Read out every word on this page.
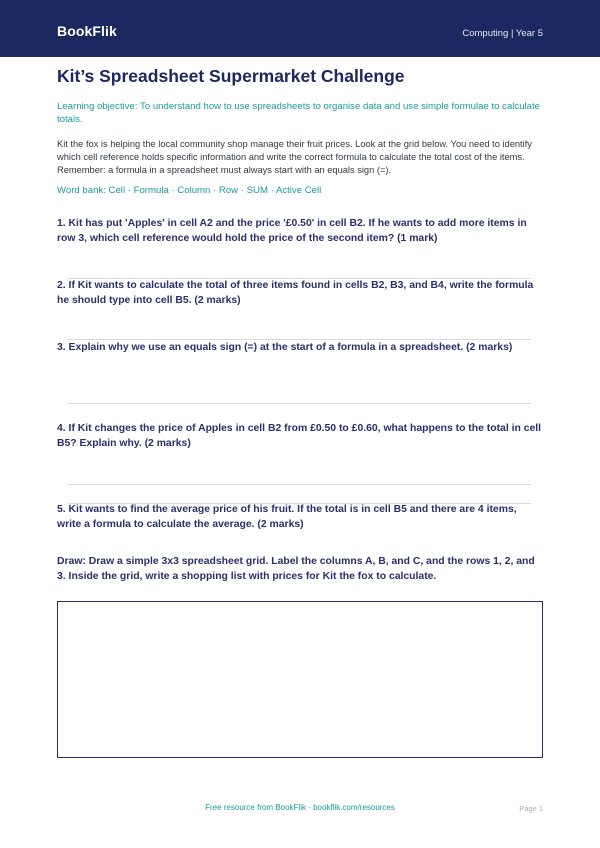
BookFlik	Computing | Year 5
Kit’s Spreadsheet Supermarket Challenge
Learning objective: To understand how to use spreadsheets to organise data and use simple formulae to calculate totals.
Kit the fox is helping the local community shop manage their fruit prices. Look at the grid below. You need to identify which cell reference holds specific information and write the correct formula to calculate the total cost of the items. Remember: a formula in a spreadsheet must always start with an equals sign (=).
Word bank: Cell · Formula · Column · Row · SUM · Active Cell
1. Kit has put 'Apples' in cell A2 and the price '£0.50' in cell B2. If he wants to add more items in row 3, which cell reference would hold the price of the second item? (1 mark)
2. If Kit wants to calculate the total of three items found in cells B2, B3, and B4, write the formula he should type into cell B5. (2 marks)
3. Explain why we use an equals sign (=) at the start of a formula in a spreadsheet. (2 marks)
4. If Kit changes the price of Apples in cell B2 from £0.50 to £0.60, what happens to the total in cell B5? Explain why. (2 marks)
5. Kit wants to find the average price of his fruit. If the total is in cell B5 and there are 4 items, write a formula to calculate the average. (2 marks)
Draw: Draw a simple 3x3 spreadsheet grid. Label the columns A, B, and C, and the rows 1, 2, and 3. Inside the grid, write a shopping list with prices for Kit the fox to calculate.
Free resource from BookFlik · bookflik.com/resources	Page 1
